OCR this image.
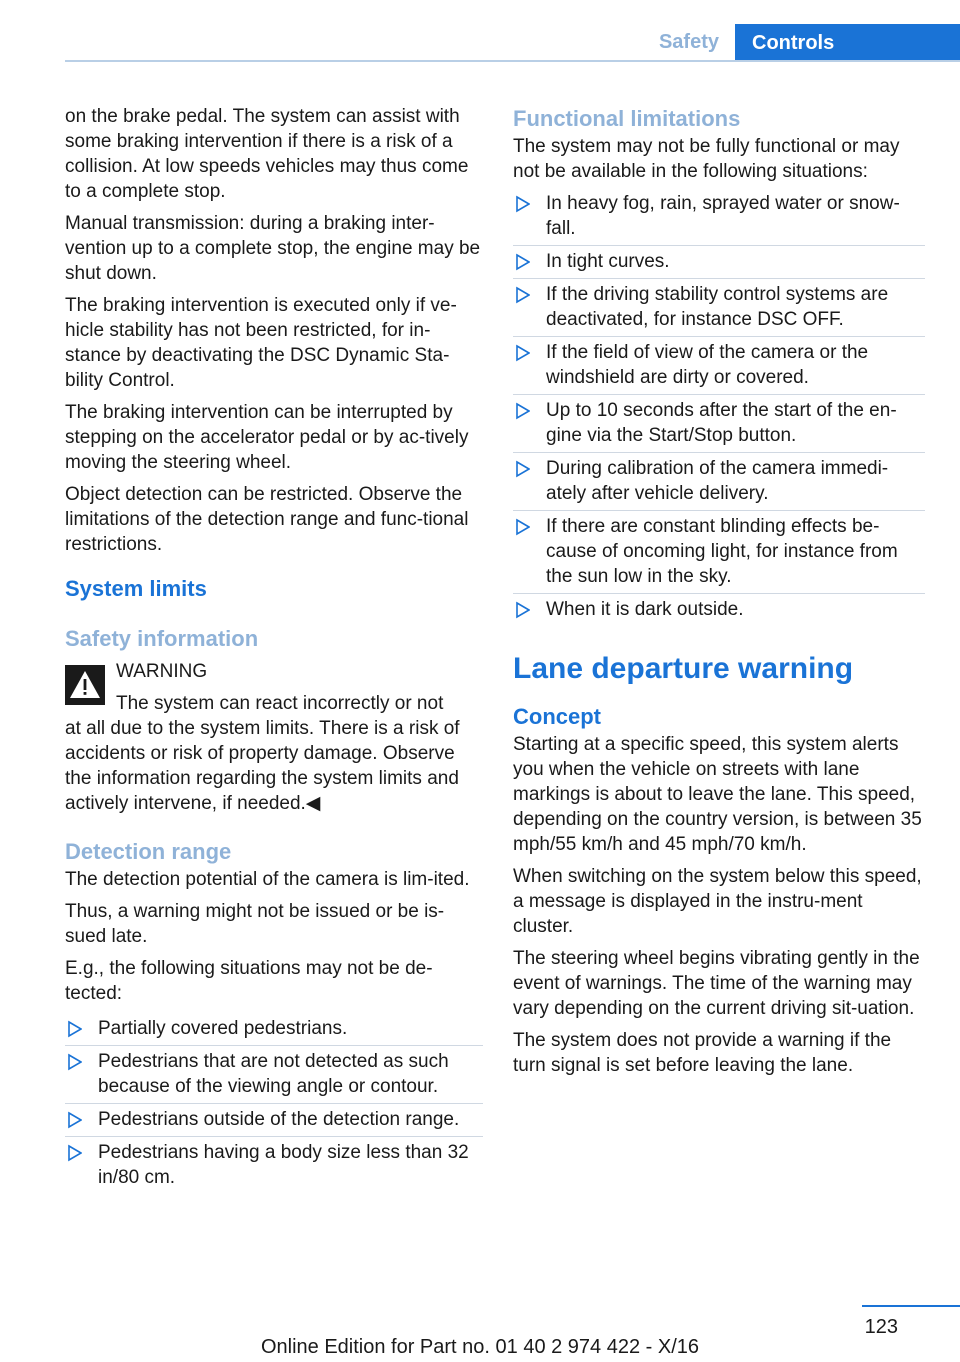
Safety	Controls

on the brake pedal. The system can assist with some braking intervention if there is a risk of a collision. At low speeds vehicles may thus come to a complete stop.

Manual transmission: during a braking inter‐vention up to a complete stop, the engine may be shut down.

The braking intervention is executed only if ve‐hicle stability has not been restricted, for in‐stance by deactivating the DSC Dynamic Sta‐bility Control.

The braking intervention can be interrupted by stepping on the accelerator pedal or by ac‐tively moving the steering wheel.

Object detection can be restricted. Observe the limitations of the detection range and func‐tional restrictions.

System limits
Safety information
WARNING
The system can react incorrectly or not
at all due to the system limits. There is a risk of accidents or risk of property damage. Observe the information regarding the system limits and actively intervene, if needed.◀
Detection range

The detection potential of the camera is lim‐ited.

Thus, a warning might not be issued or be is‐sued late.

E.g., the following situations may not be de‐tected:

Partially covered pedestrians.
Pedestrians that are not detected as such because of the viewing angle or contour.
Pedestrians outside of the detection range.
Pedestrians having a body size less than 32 in/80 cm.
Functional limitations

The system may not be fully functional or may not be available in the following situations:

In heavy fog, rain, sprayed water or snow‐fall.
In tight curves.
If the driving stability control systems are deactivated, for instance DSC OFF.
If the field of view of the camera or the windshield are dirty or covered.
Up to 10 seconds after the start of the en‐gine via the Start/Stop button.
During calibration of the camera immedi‐ately after vehicle delivery.
If there are constant blinding effects be‐cause of oncoming light, for instance from the sun low in the sky.
When it is dark outside.
Lane departure warning
Concept

Starting at a specific speed, this system alerts you when the vehicle on streets with lane markings is about to leave the lane. This speed, depending on the country version, is between 35 mph/55 km/h and 45 mph/70 km/h.

When switching on the system below this speed, a message is displayed in the instru‐ment cluster.

The steering wheel begins vibrating gently in the event of warnings. The time of the warning may vary depending on the current driving sit‐uation.

The system does not provide a warning if the turn signal is set before leaving the lane.

123
Online Edition for Part no. 01 40 2 974 422 - X/16
